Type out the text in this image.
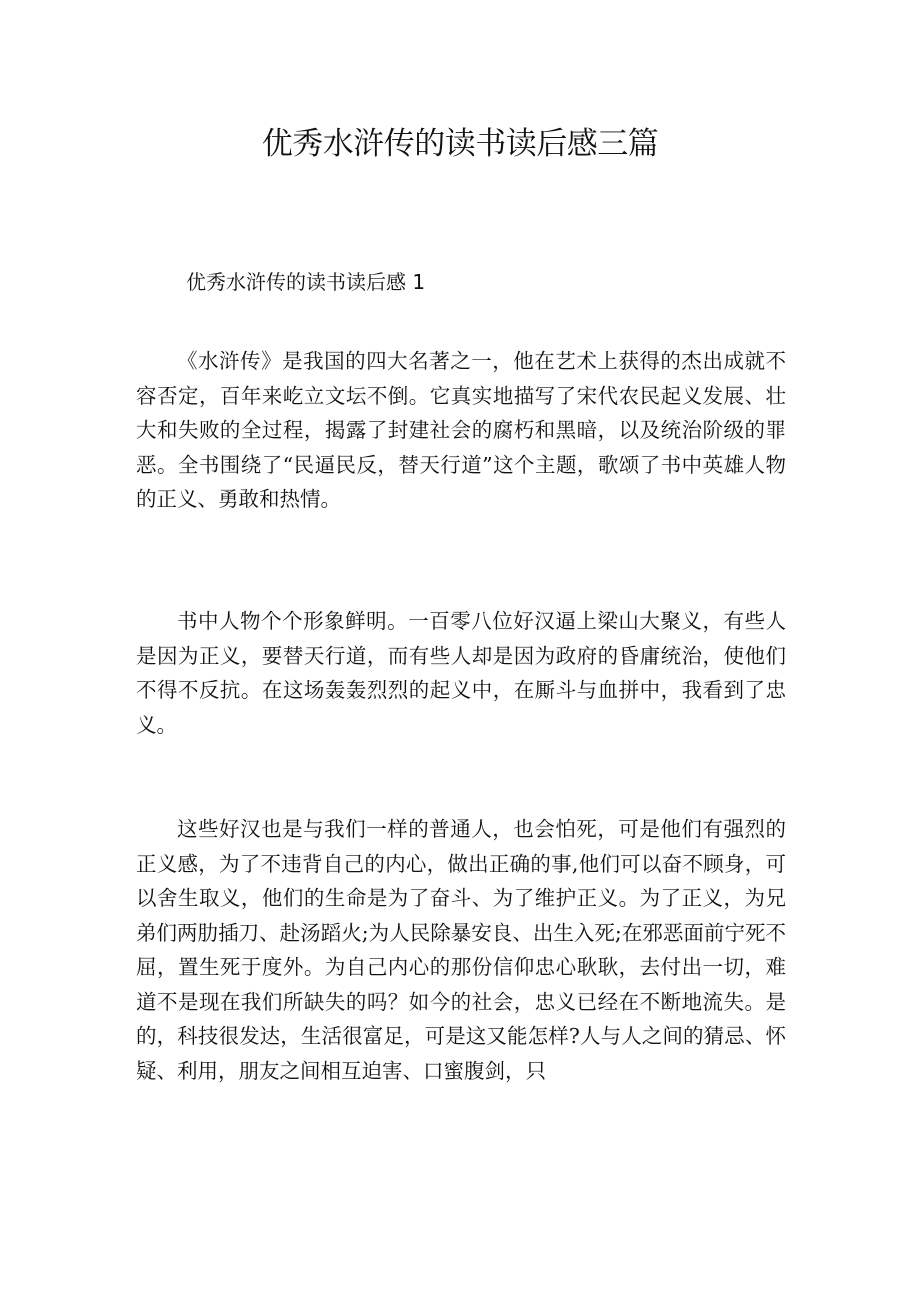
优秀水浒传的读书读后感三篇

优秀水浒传的读书读后感 1

《水浒传》是我国的四大名著之一，他在艺术上获得的杰出成就不容否定，百年来屹立文坛不倒。它真实地描写了宋代农民起义发展、壮大和失败的全过程，揭露了封建社会的腐朽和黑暗，以及统治阶级的罪恶。全书围绕了“民逼民反，替天行道”这个主题，歌颂了书中英雄人物的正义、勇敢和热情。

书中人物个个形象鲜明。一百零八位好汉逼上梁山大聚义，有些人是因为正义，要替天行道，而有些人却是因为政府的昏庸统治，使他们不得不反抗。在这场轰轰烈烈的起义中，在厮斗与血拼中，我看到了忠义。

这些好汉也是与我们一样的普通人，也会怕死，可是他们有强烈的正义感，为了不违背自己的内心，做出正确的事,他们可以奋不顾身，可以舍生取义，他们的生命是为了奋斗、为了维护正义。为了正义，为兄弟们两肋插刀、赴汤蹈火;为人民除暴安良、出生入死;在邪恶面前宁死不屈，置生死于度外。为自己内心的那份信仰忠心耿耿，去付出一切，难道不是现在我们所缺失的吗？如今的社会，忠义已经在不断地流失。是的，科技很发达，生活很富足，可是这又能怎样?人与人之间的猜忌、怀疑、利用，朋友之间相互迫害、口蜜腹剑，只
